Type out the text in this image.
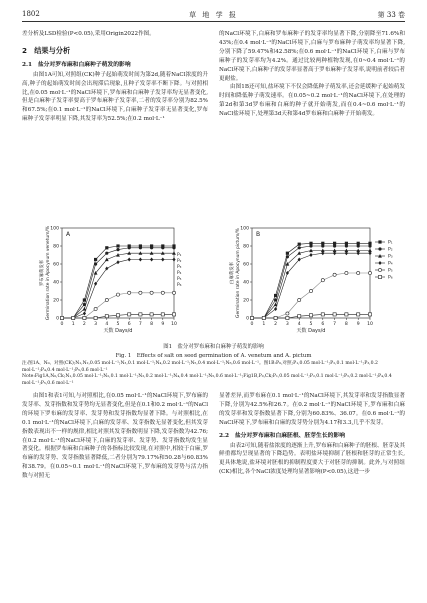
1802	草 地 学 报	第 33 卷

差分析及LSD检验(P<0.05),采用Origin2022作图。

2　结果与分析
2.1　盐分对罗布麻和白麻种子萌发的影响

由图1A可知,对照组(CK)种子起始萌发时间为第2d,随着NaCl浓度的升高,种子的起始萌发时间会出现滞后现象,且种子发芽率不断下降。与对照相比,在0.05 mol·L⁻¹的NaCl环境下,罗布麻和白麻种子发芽率均无显著变化,但是白麻种子发芽率要高于罗布麻种子发芽率,二者的发芽率分别为82.5%和67.5%;在0.1 mol·L⁻¹的NaCl环境下,白麻种子发芽率无显著变化,罗布麻种子发芽率明显下降,其发芽率为52.5%;在0.2 mol·L⁻¹

的NaCl环境下,白麻和罗布麻种子的发芽率均显著下降,分别降至71.6%和43%;在0.4 mol·L⁻¹的NaCl环境下,白麻与罗布麻种子萌发率均显著下降,分别下降了59.47%和42.58%;在0.6 mol·L⁻¹的NaCl环境下,白麻与罗布麻种子的发芽率均为4.2%。通过比较两种植物发现,在0~0.4 mol·L⁻¹的NaCl环境下,白麻种子的发芽率显著高于罗布麻种子发芽率,说明前者较后者更耐盐。

由图1B还可知,盐环境下不仅会降低种子萌发率,还会延缓种子起始萌发时间和降低种子萌发速率。在0.05~0.2 mol·L⁻¹的NaCl环境下,在处理的第2d和第3d罗布麻和白麻的种子就开始萌发,而在0.4~0.6 mol·L⁻¹的NaCl盐环境下,处理第3d天和第4d罗布麻和白麻种子开始萌发。

0
20
40
60
80
100
0 1 2 3 4 5 6 7 8 9 10
天数 Days/d
罗布麻萌发率 Germination rate in Apocynum venetum/%	A
P₁
P₂
P₃
P₄
P₅
P₆
0
20
40
60
80
100
0 1 2 3 4 5 6 7 8 9 10
天数 Days/d
白麻萌发率 Germination rate in Apocynum pictum/%	B
P₁
P₂
P₃
P₄
P₅
P₆
图1　盐分对罗布麻和白麻种子萌发的影响
Fig. 1　Effects of salt on seed germination of A. venetum and A. pictum
注:图1A、N₀、对照(CK);N₁,N₂,0.05 mol·L⁻¹;N₃,0.1 mol·L⁻¹;N₄,0.2 mol·L⁻¹;N₅,0.4 mol·L⁻¹;N₆,0.6 mol·L⁻¹。图1B:P₀,对照;P₁,0.05 mol·L⁻¹;P₂,0.1 mol·L⁻¹;P₃,0.2 mol·L⁻¹;P₄,0.4 mol·L⁻¹;P₅,0.6 mol·L⁻¹
Note:Fig1A,N₀,Ck;N₁,0.05 mol·L⁻¹;N₂,0.1 mol·L⁻¹;N₃,0.2 mol·L⁻¹;N₄,0.4 mol·L⁻¹;N₅,0.6 mol·L⁻¹;Fig1B,P₀,Ck;P₁,0.05 mol·L⁻¹;P₂,0.1 mol·L⁻¹;P₃,0.2 mol·L⁻¹;P₄,0.4 mol·L⁻¹;P₅,0.6 mol·L⁻¹

由图1和表1可知,与对照相比,在0.05 mol·L⁻¹的NaCl环境下,罗布麻的发芽率、发芽指数和发芽势均无显著变化,但是在0.1和0.2 mol·L⁻¹的NaCl的环境下罗布麻的发芽率、发芽势和发芽指数均显著下降。与对照相比,在0.1 mol·L⁻¹的NaCl环境下,白麻的发芽率、发芽指数无显著变化,但其发芽指数表现出不一样的规律,相比对照其发芽指数明显下降,发芽指数为42.76;在0.2 mol·L⁻¹的NaCl环境下,白麻的发芽率、发芽势、发芽指数均发生显著变化。根据罗布麻和白麻种子的各指标比较发现,在对照中,相较于白麻,罗布麻的发芽势、发芽指数显著降低,二者分别为79.17%和50.28与60.83%和38.79。在0.05~0.1 mol·L⁻¹的NaCl环境下,罗布麻的发芽势与活力指数与对照无

显著差异,而罗布麻在0.1 mol·L⁻¹的NaCl环境下,其发芽率和发芽指数显著下降,分别为42.5%和26.7。在0.2 mol·L⁻¹的NaCl环境下,罗布麻和白麻的发芽率和发芽指数显著下降,分别为60.83%、36.07。在0.6 mol·L⁻¹的NaCl环境下,罗布麻和白麻的发芽势分别为4.17和3.3,几乎不发芽。

2.2　盐分对罗布麻和白麻胚根、胚芽生长的影响

由表2可知,随着盐浓度的逐渐上升,罗布麻和白麻种子的胚根、胚芽及其鲜重都均呈现显著的下降趋势。表明盐环境抑制了胚根和胚芽的正常生长,更具体地说,盐环境对胚根的抑制程度要大于对胚芽的抑制。此外,与对照组(CK)相比,各个NaCl浓度处理均显著影响(P<0.05),这进一步
